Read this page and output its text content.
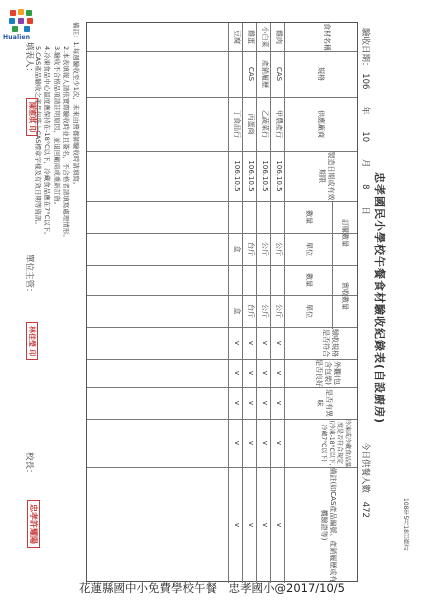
Hualien
108年5月18日修訂
忠孝國民小學校午餐食材驗收紀錄表(自設廚房)
驗收日期： 106 年 10 月 8 日
今日供餐人數 472
食材名稱
規格
供應廠商
製造日期或有效期限
訂購數量
數量
單位
實收數量
數量
單位
驗收規格是否符合
外觀(包含包裝)是否良好
是否有異味
冷凍或冷藏食品溫度是否符合規定(冷凍-18°C以下,冷藏7°C以下)
備註(如CAS產品編號、產銷履歷或有機驗證等)
雞肉
CAS
甲農產行
106.10.5
公斤
公斤
v
v
v
v
v
小白菜
產銷履歷
乙蔬菜行
106.10.5
公斤
公斤
v
v
v
v
v
雞蛋
CAS
丙蛋商
106.10.5
台斤
台斤
v
v
v
v
v
豆腐
丁食品行
106.10.5
盒
盒
v
v
v
v
v
備註：1.每週驗收至少1次，未來由營養師驗收時請填寫。
2.本表填報人請依實際驗收時並且簽名，不合格者請填寫處理情形。
3.驗收不合格品項請註明原因，並退回廠商或重新訂貨。
4.冷凍食品中心溫度應保持在-18°C以下，冷藏食品應在7°C以下。
5.CAS產品驗收之產品包裝上CAS標章字樣及有效日期等資訊。
填表人：
陳雅琪 印
單位主管：
林佳瑩 印
校長：
忠孝許耀陽
花蓮縣國中小免費學校午餐　忠孝國小@2017/10/5
